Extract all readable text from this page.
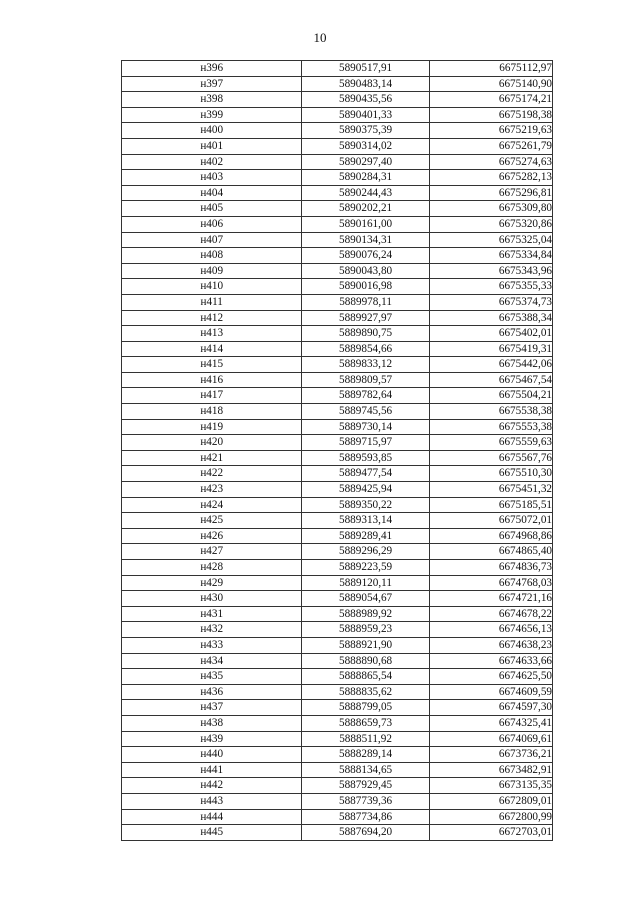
10
н396	5890517,91	6675112,97
н397	5890483,14	6675140,90
н398	5890435,56	6675174,21
н399	5890401,33	6675198,38
н400	5890375,39	6675219,63
н401	5890314,02	6675261,79
н402	5890297,40	6675274,63
н403	5890284,31	6675282,13
н404	5890244,43	6675296,81
н405	5890202,21	6675309,80
н406	5890161,00	6675320,86
н407	5890134,31	6675325,04
н408	5890076,24	6675334,84
н409	5890043,80	6675343,96
н410	5890016,98	6675355,33
н411	5889978,11	6675374,73
н412	5889927,97	6675388,34
н413	5889890,75	6675402,01
н414	5889854,66	6675419,31
н415	5889833,12	6675442,06
н416	5889809,57	6675467,54
н417	5889782,64	6675504,21
н418	5889745,56	6675538,38
н419	5889730,14	6675553,38
н420	5889715,97	6675559,63
н421	5889593,85	6675567,76
н422	5889477,54	6675510,30
н423	5889425,94	6675451,32
н424	5889350,22	6675185,51
н425	5889313,14	6675072,01
н426	5889289,41	6674968,86
н427	5889296,29	6674865,40
н428	5889223,59	6674836,73
н429	5889120,11	6674768,03
н430	5889054,67	6674721,16
н431	5888989,92	6674678,22
н432	5888959,23	6674656,13
н433	5888921,90	6674638,23
н434	5888890,68	6674633,66
н435	5888865,54	6674625,50
н436	5888835,62	6674609,59
н437	5888799,05	6674597,30
н438	5888659,73	6674325,41
н439	5888511,92	6674069,61
н440	5888289,14	6673736,21
н441	5888134,65	6673482,91
н442	5887929,45	6673135,35
н443	5887739,36	6672809,01
н444	5887734,86	6672800,99
н445	5887694,20	6672703,01
